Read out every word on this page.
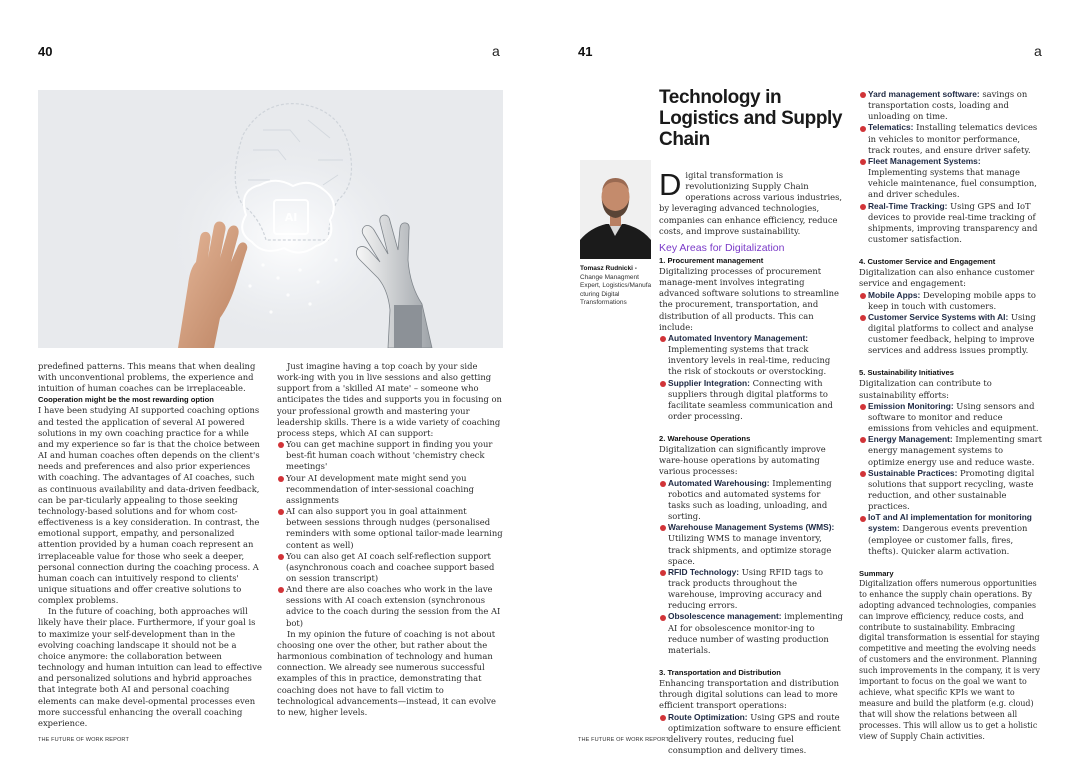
40	a
AI

predefined patterns. This means that when dealing with unconventional problems, the experience and intuition of human coaches can be irreplaceable.

Cooperation might be the most rewarding option

I have been studying AI supported coaching options and tested the application of several AI powered solutions in my own coaching practice for a while and my experience so far is that the choice between AI and human coaches often depends on the client's needs and preferences and also prior experiences with coaching. The advantages of AI coaches, such as continuous availability and data-driven feedback, can be par-ticularly appealing to those seeking technology-based solutions and for whom cost-effectiveness is a key consideration. In contrast, the emotional support, empathy, and personalized attention provided by a human coach represent an irreplaceable value for those who seek a deeper, personal connection during the coaching process. A human coach can intuitively respond to clients' unique situations and offer creative solutions to complex problems.

In the future of coaching, both approaches will likely have their place. Furthermore, if your goal is to maximize your self-development than in the evolving coaching landscape it should not be a choice anymore: the collaboration between technology and human intuition can lead to effective and personalized solutions and hybrid approaches that integrate both AI and personal coaching elements can make devel-opmental processes even more successful enhancing the overall coaching experience.

Just imagine having a top coach by your side work-ing with you in live sessions and also getting support from a 'skilled AI mate' – someone who anticipates the tides and supports you in focusing on your professional growth and mastering your leadership skills. There is a wide variety of coaching process steps, which AI can support:

You can get machine support in finding you your best-fit human coach without 'chemistry check meetings'
Your AI development mate might send you recommendation of inter-sessional coaching assignments
AI can also support you in goal attainment between sessions through nudges (personalised reminders with some optional tailor-made learning content as well)
You can also get AI coach self-reflection support (asynchronous coach and coachee support based on session transcript)
And there are also coaches who work in the lave sessions with AI coach extension (synchronous advice to the coach during the session from the AI bot)

In my opinion the future of coaching is not about choosing one over the other, but rather about the harmonious combination of technology and human connection. We already see numerous successful examples of this in practice, demonstrating that coaching does not have to fall victim to technological advancements—instead, it can evolve to new, higher levels.

THE FUTURE OF WORK REPORT
41	a
THE FUTURE OF WORK REPORT
Technology in Logistics and Supply Chain
Tomasz Rudnicki -
Change Managment Expert, Logistics/Manufa cturing Digital Transformations
D igital transformation is revolutionizing Supply Chain operations across various industries, by leveraging advanced technologies, companies can enhance efficiency, reduce costs, and improve sustainability.
Key Areas for Digitalization
1. Procurement management

Digitalizing processes of procurement manage-ment involves integrating advanced software solutions to streamline the procurement, transportation, and distribution of all products. This can include:

Automated Inventory Management: Implementing systems that track inventory levels in real-time, reducing the risk of stockouts or overstocking.
Supplier Integration: Connecting with suppliers through digital platforms to facilitate seamless communication and order processing.
2. Warehouse Operations

Digitalization can significantly improve ware-house operations by automating various processes:

Automated Warehousing: Implementing robotics and automated systems for tasks such as loading, unloading, and sorting.
Warehouse Management Systems (WMS): Utilizing WMS to manage inventory, track shipments, and optimize storage space.
RFID Technology: Using RFID tags to track products throughout the warehouse, improving accuracy and reducing errors.
Obsolescence management: implementing AI for obsolescence monitor-ing to reduce number of wasting production materials.
3. Transportation and Distribution

Enhancing transportation and distribution through digital solutions can lead to more efficient transport operations:

Route Optimization: Using GPS and route optimization software to ensure efficient delivery routes, reducing fuel consumption and delivery times.
Yard management software: savings on transportation costs, loading and unloading on time.
Telematics: Installing telematics devices in vehicles to monitor performance, track routes, and ensure driver safety.
Fleet Management Systems: Implementing systems that manage vehicle maintenance, fuel consumption, and driver schedules.
Real-Time Tracking: Using GPS and IoT devices to provide real-time tracking of shipments, improving transparency and customer satisfaction.
4. Customer Service and Engagement

Digitalization can also enhance customer service and engagement:

Mobile Apps: Developing mobile apps to keep in touch with customers.
Customer Service Systems with AI: Using digital platforms to collect and analyse customer feedback, helping to improve services and address issues promptly.
5. Sustainability Initiatives

Digitalization can contribute to sustainability efforts:

Emission Monitoring: Using sensors and software to monitor and reduce emissions from vehicles and equipment.
Energy Management: Implementing smart energy management systems to optimize energy use and reduce waste.
Sustainable Practices: Promoting digital solutions that support recycling, waste reduction, and other sustainable practices.
IoT and AI implementation for monitoring system: Dangerous events prevention (employee or customer falls, fires, thefts). Quicker alarm activation.
Summary

Digitalization offers numerous opportunities to enhance the supply chain operations. By adopting advanced technologies, companies can improve efficiency, reduce costs, and contribute to sustainability. Embracing digital transformation is essential for staying competitive and meeting the evolving needs of customers and the environment. Planning such improvements in the company, it is very important to focus on the goal we want to achieve, what specific KPIs we want to measure and build the platform (e.g. cloud) that will show the relations between all processes. This will allow us to get a holistic view of Supply Chain activities.
